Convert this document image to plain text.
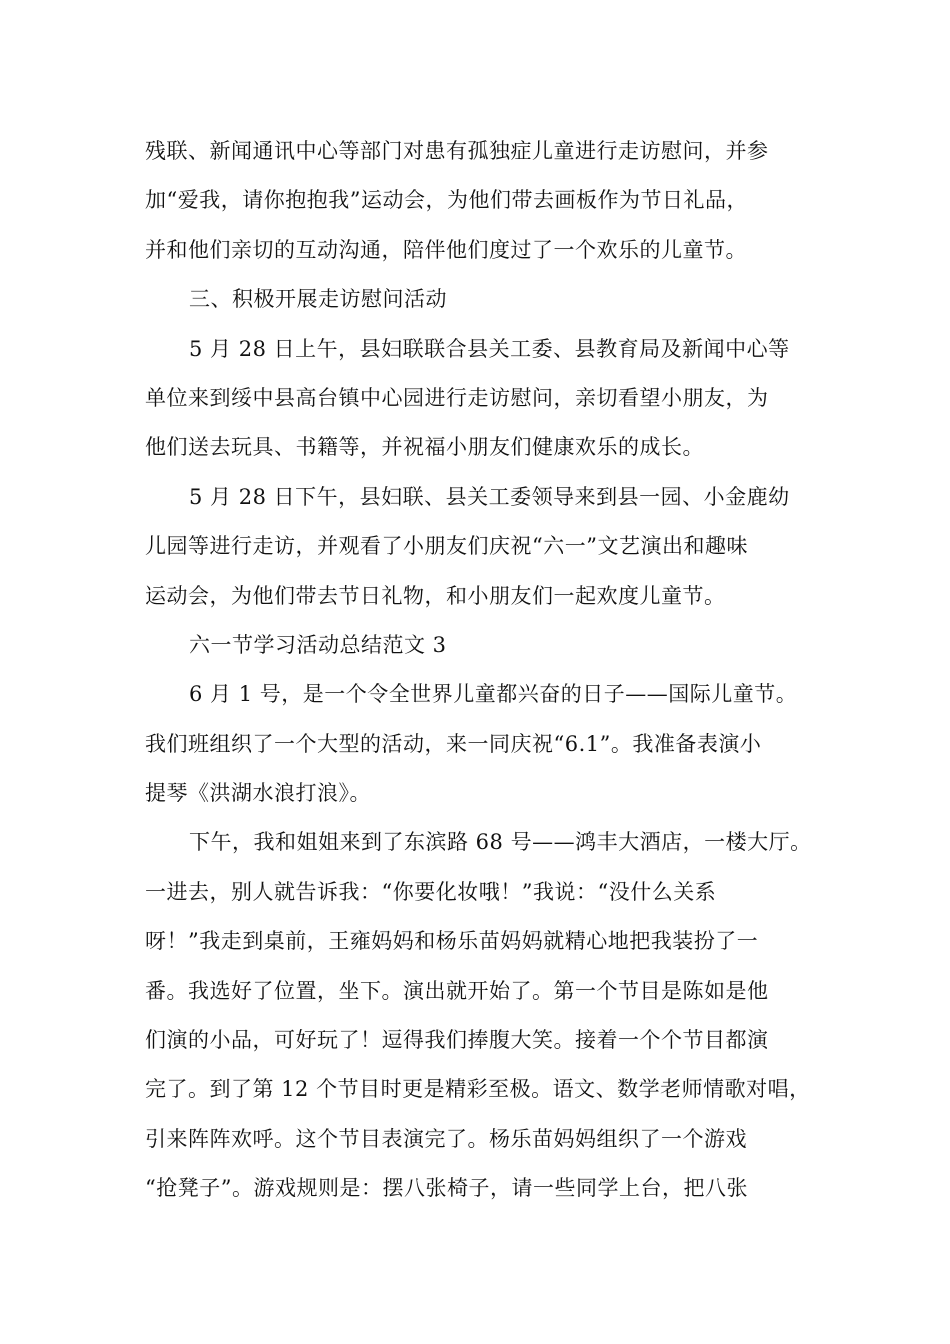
残联、新闻通讯中心等部门对患有孤独症儿童进行走访慰问，并参
加“爱我，请你抱抱我”运动会，为他们带去画板作为节日礼品，
并和他们亲切的互动沟通，陪伴他们度过了一个欢乐的儿童节。
三、积极开展走访慰问活动
5 月 28 日上午，县妇联联合县关工委、县教育局及新闻中心等
单位来到绥中县高台镇中心园进行走访慰问，亲切看望小朋友，为
他们送去玩具、书籍等，并祝福小朋友们健康欢乐的成长。
5 月 28 日下午，县妇联、县关工委领导来到县一园、小金鹿幼
儿园等进行走访，并观看了小朋友们庆祝“六一”文艺演出和趣味
运动会，为他们带去节日礼物，和小朋友们一起欢度儿童节。
六一节学习活动总结范文 3
6 月 1 号，是一个令全世界儿童都兴奋的日子——国际儿童节。
我们班组织了一个大型的活动，来一同庆祝“6.1”。我准备表演小
提琴《洪湖水浪打浪》。
下午，我和姐姐来到了东滨路 68 号——鸿丰大酒店，一楼大厅。
一进去，别人就告诉我：“你要化妆哦！”我说：“没什么关系
呀！”我走到桌前，王雍妈妈和杨乐苗妈妈就精心地把我装扮了一
番。我选好了位置，坐下。演出就开始了。第一个节目是陈如是他
们演的小品，可好玩了！逗得我们捧腹大笑。接着一个个节目都演
完了。到了第 12 个节目时更是精彩至极。语文、数学老师情歌对唱，
引来阵阵欢呼。这个节目表演完了。杨乐苗妈妈组织了一个游戏
“抢凳子”。游戏规则是：摆八张椅子，请一些同学上台，把八张
